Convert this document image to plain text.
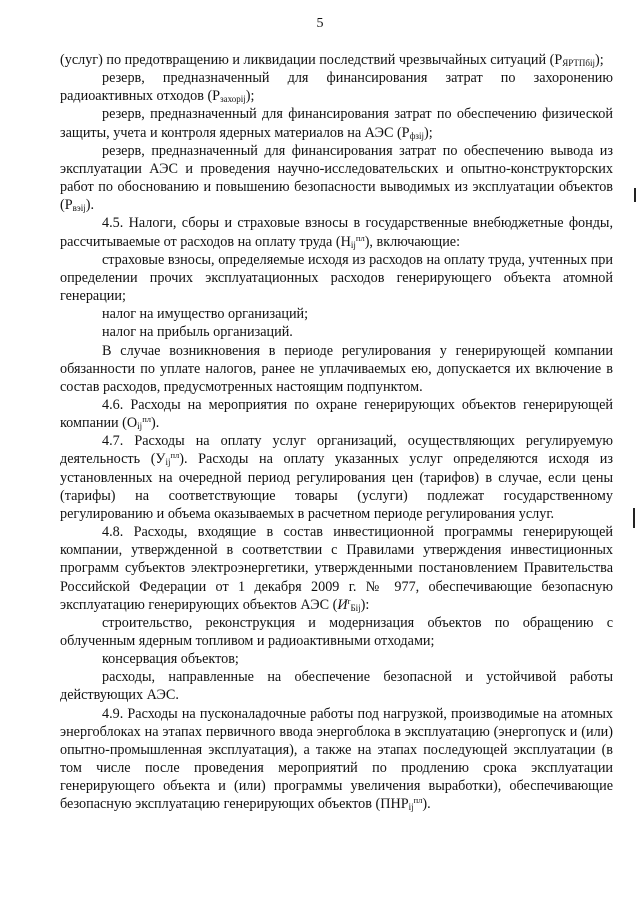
5

(услуг) по предотвращению и ликвидации последствий чрезвычайных ситуаций $(Р_{ЯРТПбij})$;

резерв, предназначенный для финансирования затрат по захоронению радиоактивных отходов $(Р_{захорij})$;

резерв, предназначенный для финансирования затрат по обеспечению физической защиты, учета и контроля ядерных материалов на АЭС $(Р_{фзij})$;

резерв, предназначенный для финансирования затрат по обеспечению вывода из эксплуатации АЭС и проведения научно-исследовательских и опытно-конструкторских работ по обоснованию и повышению безопасности выводимых из эксплуатации объектов $(Р_{вэij})$.

4.5. Налоги, сборы и страховые взносы в государственные внебюджетные фонды, рассчитываемые от расходов на оплату труда $(Н_{ij}^{пл})$, включающие:

страховые взносы, определяемые исходя из расходов на оплату труда, учтенных при определении прочих эксплуатационных расходов генерирующего объекта атомной генерации;

налог на имущество организаций;

налог на прибыль организаций.

В случае возникновения в периоде регулирования у генерирующей компании обязанности по уплате налогов, ранее не уплачиваемых ею, допускается их включение в состав расходов, предусмотренных настоящим подпунктом.

4.6. Расходы на мероприятия по охране генерирующих объектов генерирующей компании $(О_{ij}^{пл})$.

4.7. Расходы на оплату услуг организаций, осуществляющих регулируемую деятельность $(У_{ij}^{пл})$. Расходы на оплату указанных услуг определяются исходя из установленных на очередной период регулирования цен (тарифов) в случае, если цены (тарифы) на соответствующие товары (услуги) подлежат государственному регулированию и объема оказываемых в расчетном периоде регулирования услуг.

4.8. Расходы, входящие в состав инвестиционной программы генерирующей компании, утвержденной в соответствии с Правилами утверждения инвестиционных программ субъектов электроэнергетики, утвержденными постановлением Правительства Российской Федерации от 1 декабря 2009 г. № 977, обеспечивающие безопасную эксплуатацию генерирующих объектов АЭС $(И^r_{Бij})$:

строительство, реконструкция и модернизация объектов по обращению с облученным ядерным топливом и радиоактивными отходами;

консервация объектов;

расходы, направленные на обеспечение безопасной и устойчивой работы действующих АЭС.

4.9. Расходы на пусконаладочные работы под нагрузкой, производимые на атомных энергоблоках на этапах первичного ввода энергоблока в эксплуатацию (энергопуск и (или) опытно-промышленная эксплуатация), а также на этапах последующей эксплуатации (в том числе после проведения мероприятий по продлению срока эксплуатации генерирующего объекта и (или) программы увеличения выработки), обеспечивающие безопасную эксплуатацию генерирующих объектов $(ПНР_{ij}^{пл})$.
